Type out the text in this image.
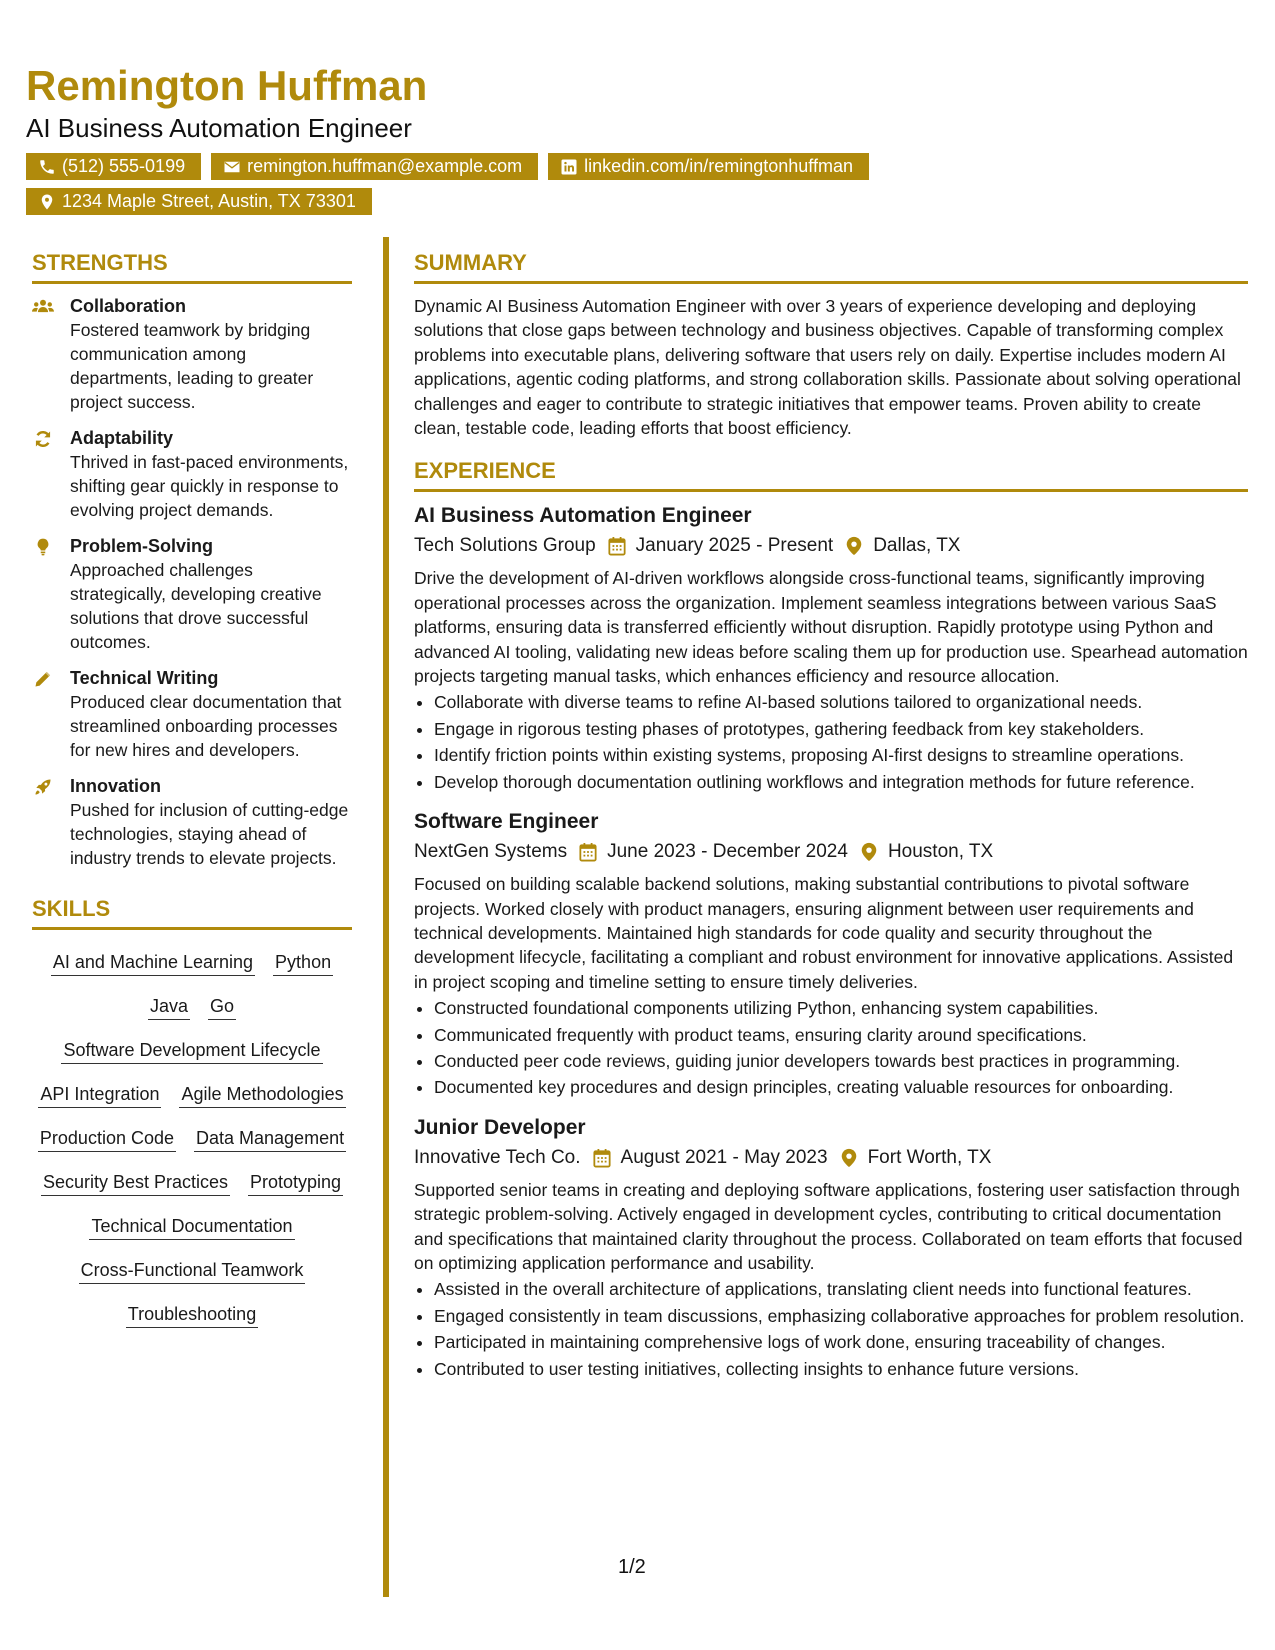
Remington Huffman
AI Business Automation Engineer
(512) 555-0199	remington.huffman@example.com	linkedin.com/in/remingtonhuffman
1234 Maple Street, Austin, TX 73301
STRENGTHS
Collaboration
Fostered teamwork by bridging communication among departments, leading to greater project success.
Adaptability
Thrived in fast-paced environments, shifting gear quickly in response to evolving project demands.
Problem-Solving
Approached challenges strategically, developing creative solutions that drove successful outcomes.
Technical Writing
Produced clear documentation that streamlined onboarding processes for new hires and developers.
Innovation
Pushed for inclusion of cutting-edge technologies, staying ahead of industry trends to elevate projects.
SKILLS
AI and Machine Learning Python
Java Go
Software Development Lifecycle
API Integration Agile Methodologies
Production Code Data Management
Security Best Practices Prototyping
Technical Documentation
Cross-Functional Teamwork
Troubleshooting
SUMMARY
Dynamic AI Business Automation Engineer with over 3 years of experience developing and deploying solutions that close gaps between technology and business objectives. Capable of transforming complex problems into executable plans, delivering software that users rely on daily. Expertise includes modern AI applications, agentic coding platforms, and strong collaboration skills. Passionate about solving operational challenges and eager to contribute to strategic initiatives that empower teams. Proven ability to create clean, testable code, leading efforts that boost efficiency.
EXPERIENCE
AI Business Automation Engineer
Tech Solutions Group January 2025 - Present Dallas, TX
Drive the development of AI-driven workflows alongside cross-functional teams, significantly improving operational processes across the organization. Implement seamless integrations between various SaaS platforms, ensuring data is transferred efficiently without disruption. Rapidly prototype using Python and advanced AI tooling, validating new ideas before scaling them up for production use. Spearhead automation projects targeting manual tasks, which enhances efficiency and resource allocation.
• Collaborate with diverse teams to refine AI-based solutions tailored to organizational needs.
• Engage in rigorous testing phases of prototypes, gathering feedback from key stakeholders.
• Identify friction points within existing systems, proposing AI-first designs to streamline operations.
• Develop thorough documentation outlining workflows and integration methods for future reference.
Software Engineer
NextGen Systems June 2023 - December 2024 Houston, TX
Focused on building scalable backend solutions, making substantial contributions to pivotal software projects. Worked closely with product managers, ensuring alignment between user requirements and technical developments. Maintained high standards for code quality and security throughout the development lifecycle, facilitating a compliant and robust environment for innovative applications. Assisted in project scoping and timeline setting to ensure timely deliveries.
• Constructed foundational components utilizing Python, enhancing system capabilities.
• Communicated frequently with product teams, ensuring clarity around specifications.
• Conducted peer code reviews, guiding junior developers towards best practices in programming.
• Documented key procedures and design principles, creating valuable resources for onboarding.
Junior Developer
Innovative Tech Co. August 2021 - May 2023 Fort Worth, TX
Supported senior teams in creating and deploying software applications, fostering user satisfaction through strategic problem-solving. Actively engaged in development cycles, contributing to critical documentation and specifications that maintained clarity throughout the process. Collaborated on team efforts that focused on optimizing application performance and usability.
• Assisted in the overall architecture of applications, translating client needs into functional features.
• Engaged consistently in team discussions, emphasizing collaborative approaches for problem resolution.
• Participated in maintaining comprehensive logs of work done, ensuring traceability of changes.
• Contributed to user testing initiatives, collecting insights to enhance future versions.
1/2
